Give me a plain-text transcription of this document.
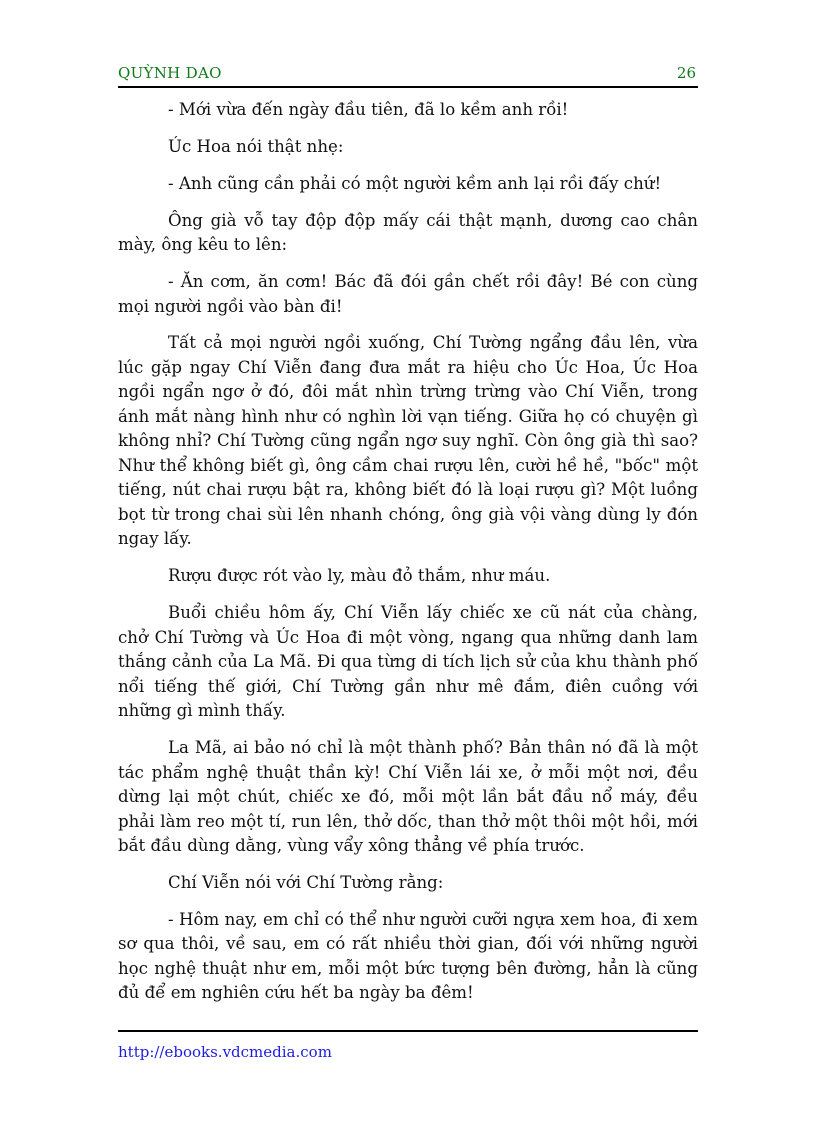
QUỲNH DAO	26

- Mới vừa đến ngày đầu tiên, đã lo kềm anh rồi!

Úc Hoa nói thật nhẹ:

- Anh cũng cần phải có một người kềm anh lại rồi đấy chứ!

Ông già vỗ tay độp độp mấy cái thật mạnh, dương cao chân mày, ông kêu to lên:

- Ăn cơm, ăn cơm! Bác đã đói gần chết rồi đây! Bé con cùng mọi người ngồi vào bàn đi!

Tất cả mọi người ngồi xuống, Chí Tường ngẩng đầu lên, vừa lúc gặp ngay Chí Viễn đang đưa mắt ra hiệu cho Úc Hoa, Úc Hoa ngồi ngẩn ngơ ở đó, đôi mắt nhìn trừng trừng vào Chí Viễn, trong ánh mắt nàng hình như có nghìn lời vạn tiếng. Giữa họ có chuyện gì không nhỉ? Chí Tường cũng ngẩn ngơ suy nghĩ. Còn ông già thì sao? Như thể không biết gì, ông cầm chai rượu lên, cười hề hề, "bốc" một tiếng, nút chai rượu bật ra, không biết đó là loại rượu gì? Một luồng bọt từ trong chai sùi lên nhanh chóng, ông già vội vàng dùng ly đón ngay lấy.

Rượu được rót vào ly, màu đỏ thắm, như máu.

Buổi chiều hôm ấy, Chí Viễn lấy chiếc xe cũ nát của chàng, chở Chí Tường và Úc Hoa đi một vòng, ngang qua những danh lam thắng cảnh của La Mã. Đi qua từng di tích lịch sử của khu thành phố nổi tiếng thế giới, Chí Tường gần như mê đắm, điên cuồng với những gì mình thấy.

La Mã, ai bảo nó chỉ là một thành phố? Bản thân nó đã là một tác phẩm nghệ thuật thần kỳ! Chí Viễn lái xe, ở mỗi một nơi, đều dừng lại một chút, chiếc xe đó, mỗi một lần bắt đầu nổ máy, đều phải làm reo một tí, run lên, thở dốc, than thở một thôi một hồi, mới bắt đầu dùng dằng, vùng vẩy xông thẳng về phía trước.

Chí Viễn nói với Chí Tường rằng:

- Hôm nay, em chỉ có thể như người cưỡi ngựa xem hoa, đi xem sơ qua thôi, về sau, em có rất nhiều thời gian, đối với những người học nghệ thuật như em, mỗi một bức tượng bên đường, hẳn là cũng đủ để em nghiên cứu hết ba ngày ba đêm!

http://ebooks.vdcmedia.com
